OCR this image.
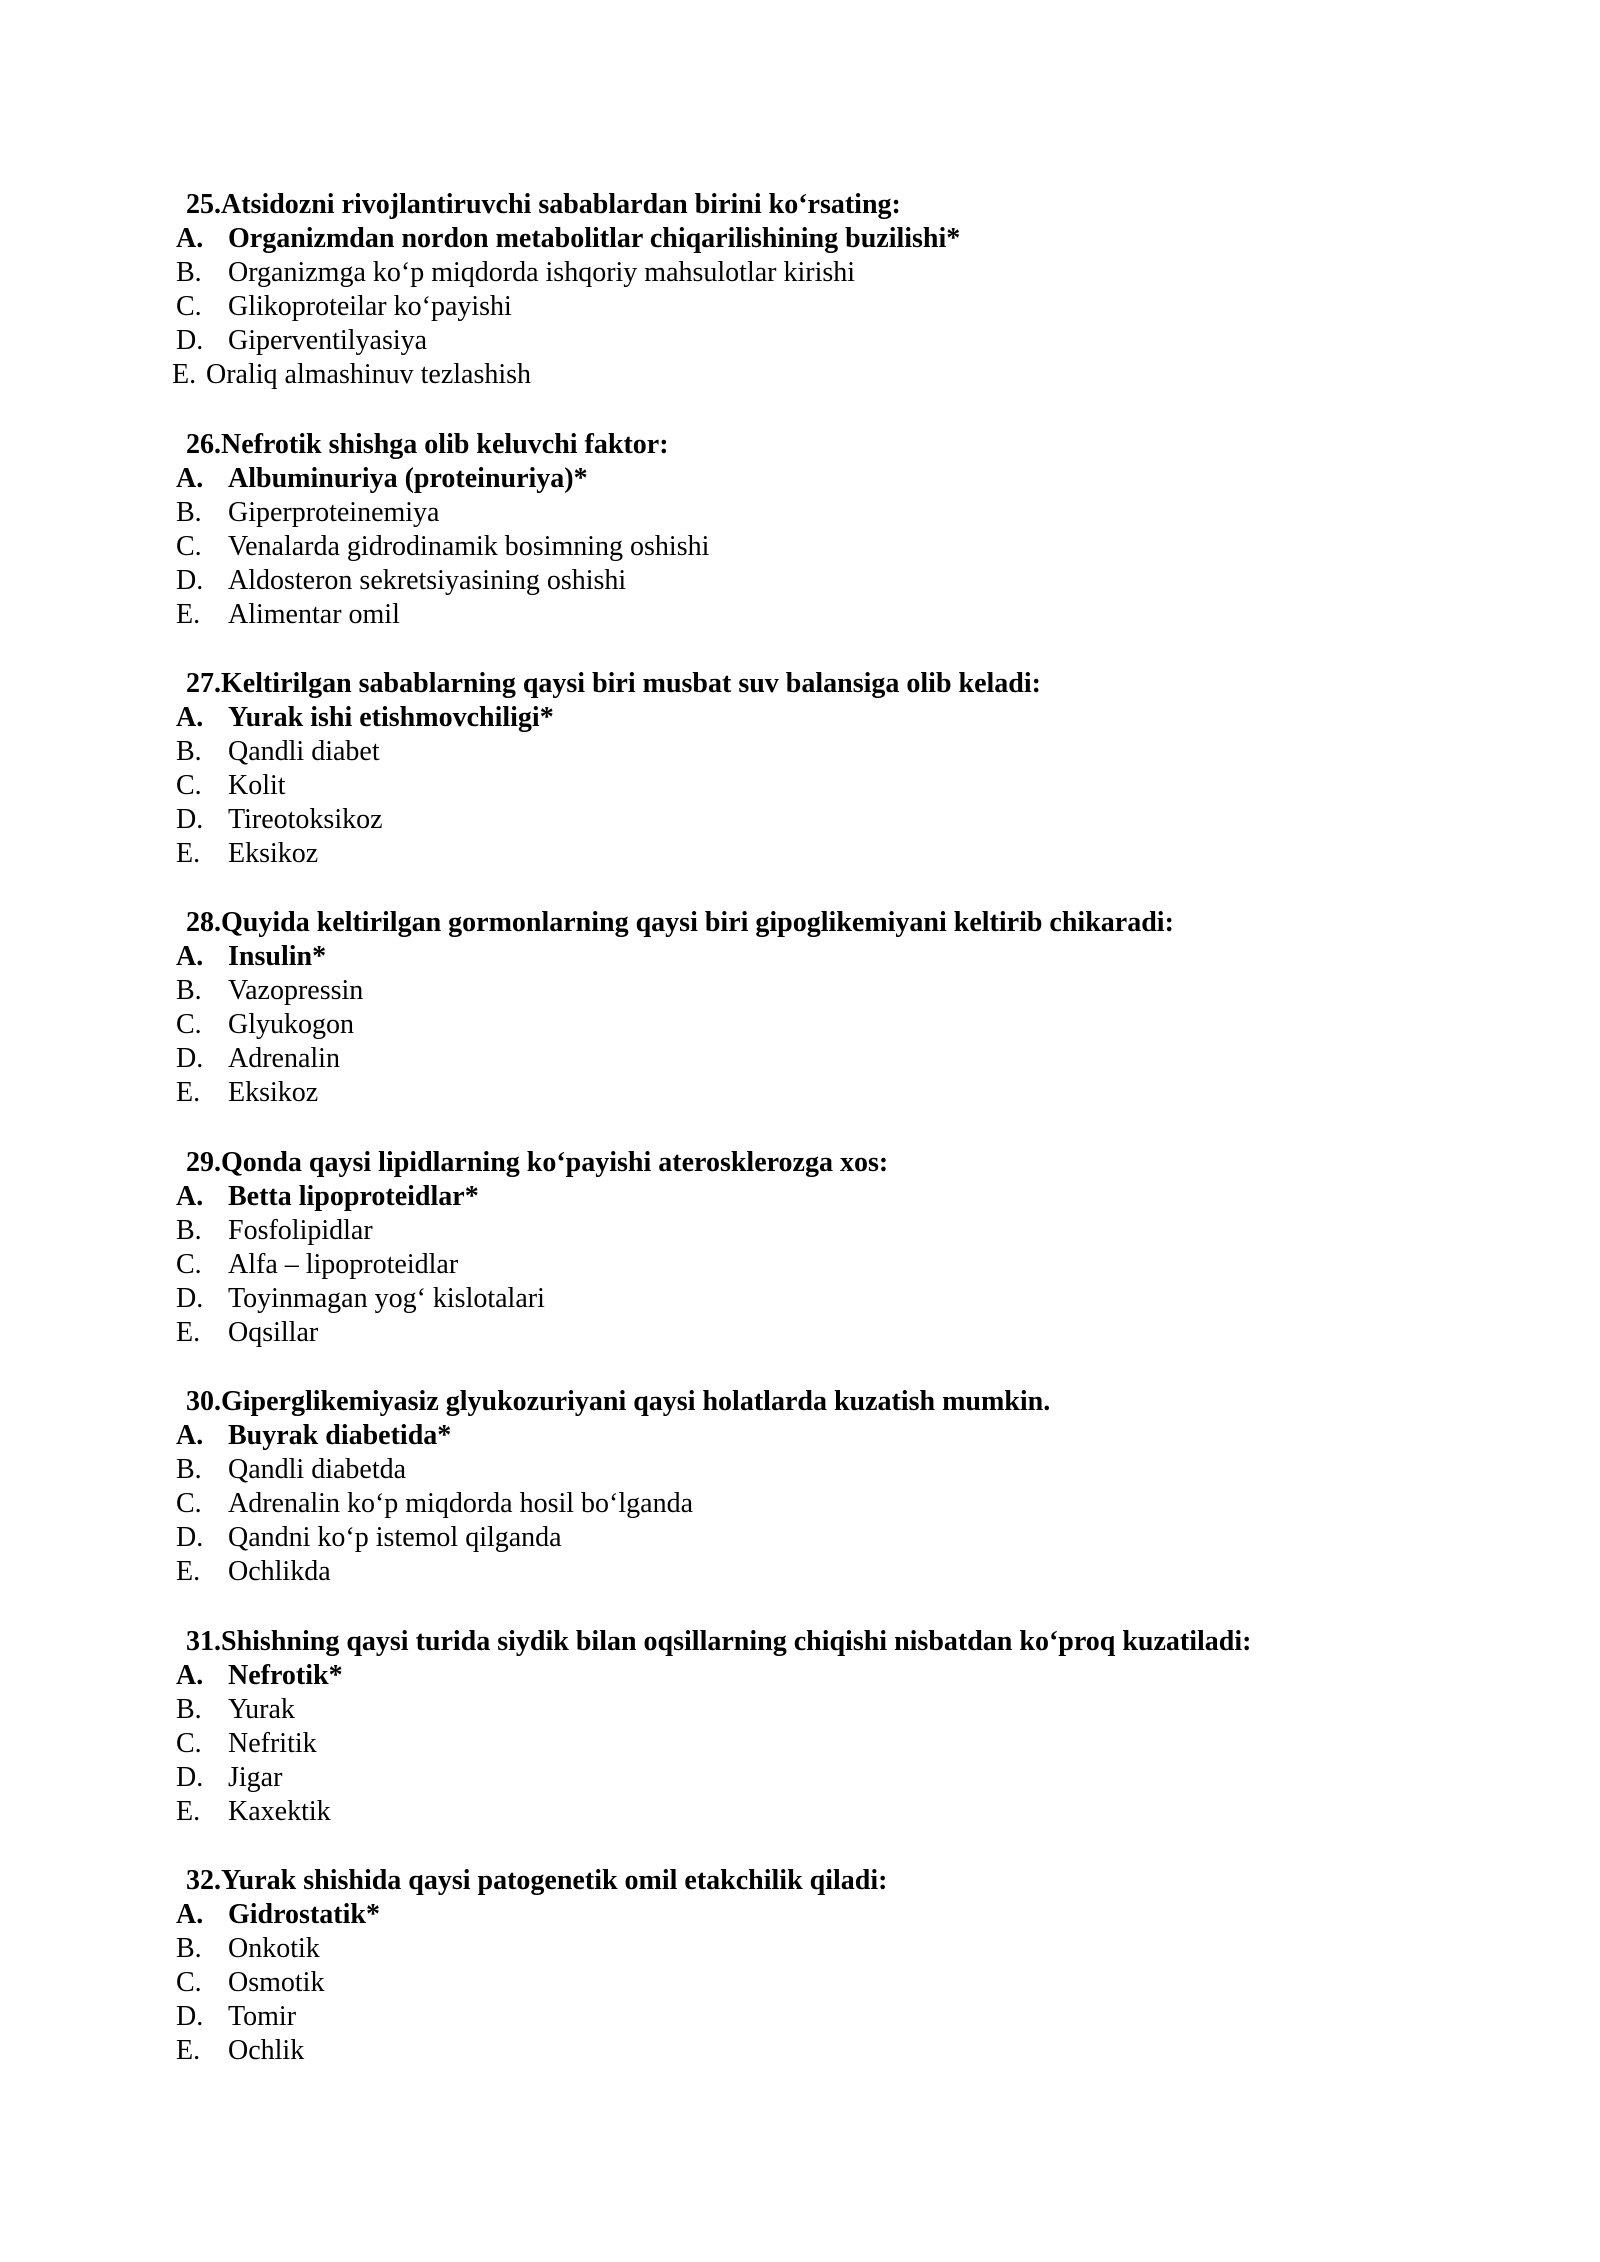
25.Atsidozni rivojlantiruvchi sabablardan birini ko‘rsating:
A. Organizmdan nordon metabolitlar chiqarilishining buzilishi*
B. Organizmga ko‘p miqdorda ishqoriy mahsulotlar kirishi
C. Glikoproteilar ko‘payishi
D. Giperventilyasiya
E. Oraliq almashinuv tezlashish
26.Nefrotik shishga olib keluvchi faktor:
A. Albuminuriya (proteinuriya)*
B. Giperproteinemiya
C. Venalarda gidrodinamik bosimning oshishi
D. Aldosteron sekretsiyasining oshishi
E. Alimentar omil
27.Keltirilgan sabablarning qaysi biri musbat suv balansiga olib keladi:
A. Yurak ishi etishmovchiligi*
B. Qandli diabet
C. Kolit
D. Tireotoksikoz
E. Eksikoz
28.Quyida keltirilgan gormonlarning qaysi biri gipoglikemiyani keltirib chikaradi:
A. Insulin*
B. Vazopressin
C. Glyukogon
D. Adrenalin
E. Eksikoz
29.Qonda qaysi lipidlarning ko‘payishi aterosklerozga xos:
A. Betta lipoproteidlar*
B. Fosfolipidlar
C. Alfa – lipoproteidlar
D. Toyinmagan yog‘ kislotalari
E. Oqsillar
30.Giperglikemiyasiz glyukozuriyani qaysi holatlarda kuzatish mumkin.
A. Buyrak diabetida*
B. Qandli diabetda
C. Adrenalin ko‘p miqdorda hosil bo‘lganda
D. Qandni ko‘p istemol qilganda
E. Ochlikda
31.Shishning qaysi turida siydik bilan oqsillarning chiqishi nisbatdan ko‘proq kuzatiladi:
A. Nefrotik*
B. Yurak
C. Nefritik
D. Jigar
E. Kaxektik
32.Yurak shishida qaysi patogenetik omil etakchilik qiladi:
A. Gidrostatik*
B. Onkotik
C. Osmotik
D. Tomir
E. Ochlik
